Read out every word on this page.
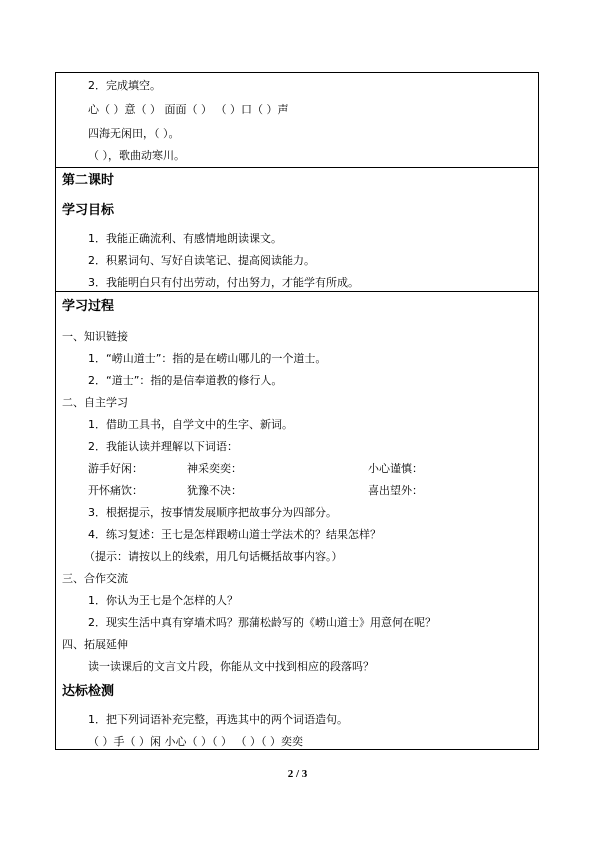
2．完成填空。
心（ ）意（ ） 面面（ ） （ ）口（ ）声
四海无闲田，（ ）。
（ ），歌曲动寒川。
第二课时
学习目标
1．我能正确流利、有感情地朗读课文。
2．积累词句、写好自读笔记、提高阅读能力。
3．我能明白只有付出劳动，付出努力，才能学有所成。
学习过程
一、知识链接
1．“崂山道士”：指的是在崂山哪儿的一个道士。
2．“道士”：指的是信奉道教的修行人。
二、自主学习
1．借助工具书，自学文中的生字、新词。
2．我能认读并理解以下词语：
游手好闲：	神采奕奕：	小心谨慎：
开怀痛饮：	犹豫不决：	喜出望外：
3．根据提示，按事情发展顺序把故事分为四部分。
4．练习复述：王七是怎样跟崂山道士学法术的？结果怎样？
（提示：请按以上的线索，用几句话概括故事内容。）
三、合作交流
1．你认为王七是个怎样的人？
2．现实生活中真有穿墙术吗？那蒲松龄写的《崂山道士》用意何在呢？
四、拓展延伸
读一读课后的文言文片段，你能从文中找到相应的段落吗？
达标检测
1．把下列词语补充完整，再选其中的两个词语造句。
（ ）手（ ）闲 小心（ ）（ ） （ ）（ ）奕奕
2 / 3
